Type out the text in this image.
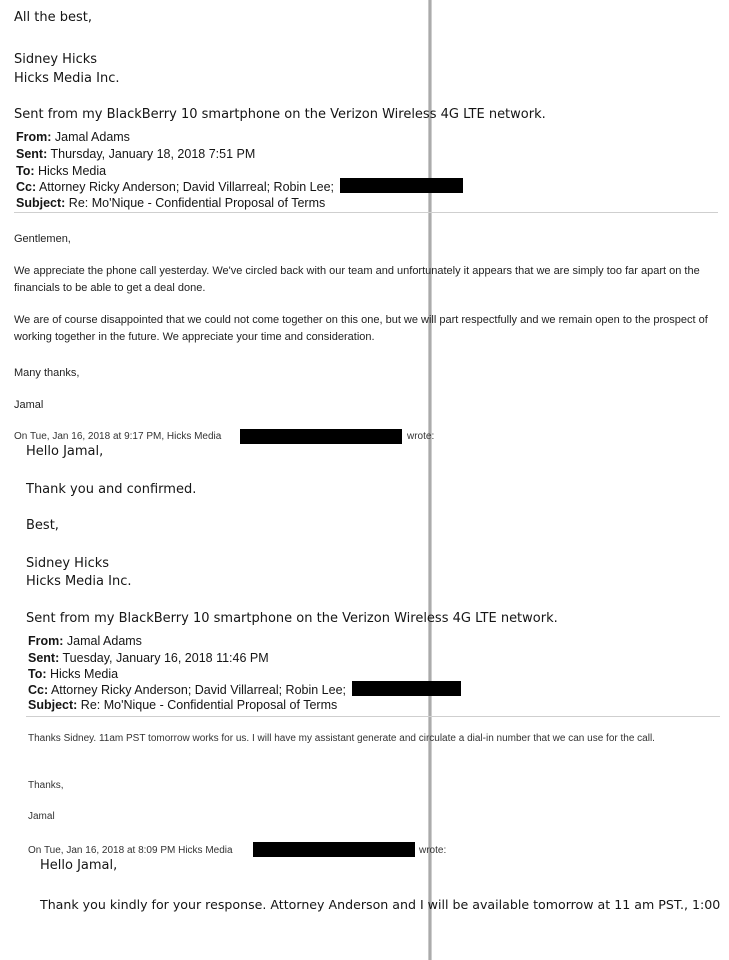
All the best,

Sidney Hicks

Hicks Media Inc.

Sent from my BlackBerry 10 smartphone on the Verizon Wireless 4G LTE network.

From: Jamal Adams

Sent: Thursday, January 18, 2018 7:51 PM

To: Hicks Media

Cc: Attorney Ricky Anderson; David Villarreal; Robin Lee;

Subject: Re: Mo'Nique - Confidential Proposal of Terms

Gentlemen,

We appreciate the phone call yesterday. We've circled back with our team and unfortunately it appears that we are simply too far apart on the financials to be able to get a deal done.

We are of course disappointed that we could not come together on this one, but we will part respectfully and we remain open to the prospect of working together in the future. We appreciate your time and consideration.

Many thanks,

Jamal

On Tue, Jan 16, 2018 at 9:17 PM, Hicks Media	wrote:

Hello Jamal,

Thank you and confirmed.

Best,

Sidney Hicks

Hicks Media Inc.

Sent from my BlackBerry 10 smartphone on the Verizon Wireless 4G LTE network.

From: Jamal Adams

Sent: Tuesday, January 16, 2018 11:46 PM

To: Hicks Media

Cc: Attorney Ricky Anderson; David Villarreal; Robin Lee;

Subject: Re: Mo'Nique - Confidential Proposal of Terms

Thanks Sidney. 11am PST tomorrow works for us. I will have my assistant generate and circulate a dial-in number that we can use for the call.

Thanks,

Jamal

On Tue, Jan 16, 2018 at 8:09 PM Hicks Media	wrote:

Hello Jamal,

Thank you kindly for your response. Attorney Anderson and I will be available tomorrow at 11 am PST., 1:00
